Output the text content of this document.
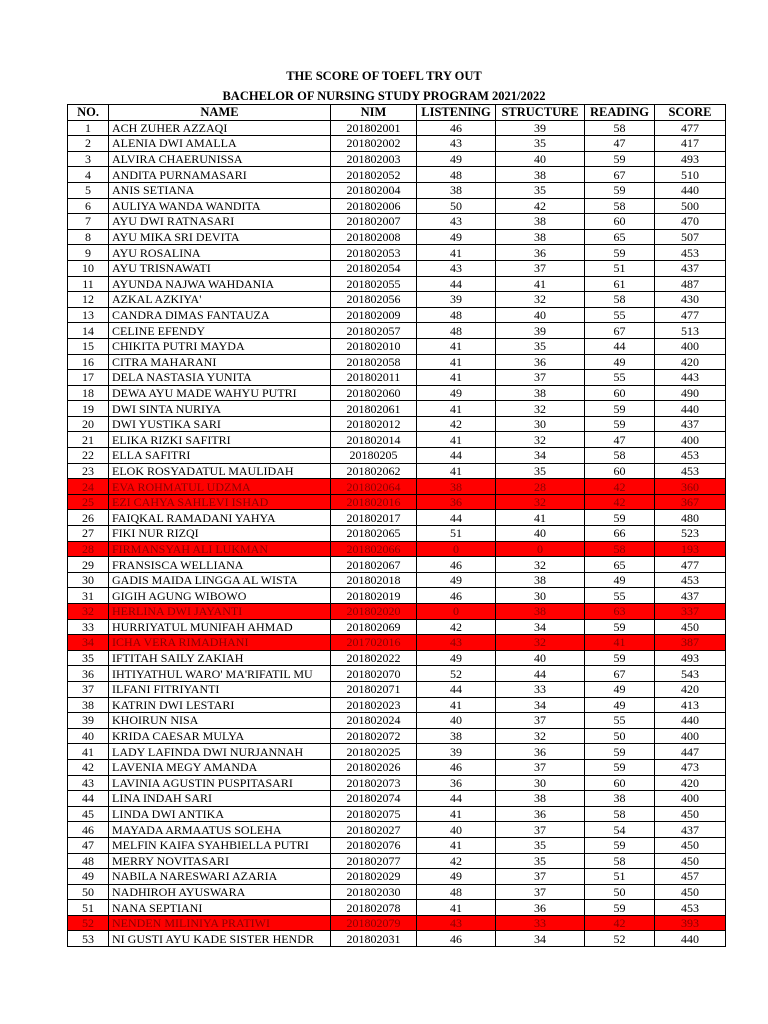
THE SCORE OF TOEFL TRY OUT

BACHELOR OF NURSING STUDY PROGRAM 2021/2022

NO.	NAME	NIM	LISTENING	STRUCTURE	READING	SCORE
1	ACH ZUHER AZZAQI	201802001	46	39	58	477
2	ALENIA DWI AMALLA	201802002	43	35	47	417
3	ALVIRA CHAERUNISSA	201802003	49	40	59	493
4	ANDITA PURNAMASARI	201802052	48	38	67	510
5	ANIS SETIANA	201802004	38	35	59	440
6	AULIYA WANDA WANDITA	201802006	50	42	58	500
7	AYU DWI RATNASARI	201802007	43	38	60	470
8	AYU MIKA SRI DEVITA	201802008	49	38	65	507
9	AYU ROSALINA	201802053	41	36	59	453
10	AYU TRISNAWATI	201802054	43	37	51	437
11	AYUNDA NAJWA WAHDANIA	201802055	44	41	61	487
12	AZKAL AZKIYA'	201802056	39	32	58	430
13	CANDRA DIMAS FANTAUZA	201802009	48	40	55	477
14	CELINE EFENDY	201802057	48	39	67	513
15	CHIKITA PUTRI MAYDA	201802010	41	35	44	400
16	CITRA MAHARANI	201802058	41	36	49	420
17	DELA NASTASIA YUNITA	201802011	41	37	55	443
18	DEWA AYU MADE WAHYU PUTRI	201802060	49	38	60	490
19	DWI SINTA NURIYA	201802061	41	32	59	440
20	DWI YUSTIKA SARI	201802012	42	30	59	437
21	ELIKA RIZKI SAFITRI	201802014	41	32	47	400
22	ELLA SAFITRI	20180205	44	34	58	453
23	ELOK ROSYADATUL MAULIDAH	201802062	41	35	60	453
24	EVA ROHMATUL UDZMA	201802064	38	28	42	360
25	EZI CAHYA SAHLEVI ISHAD	201802016	36	32	42	367
26	FAIQKAL RAMADANI YAHYA	201802017	44	41	59	480
27	FIKI NUR RIZQI	201802065	51	40	66	523
28	FIRMANSYAH ALI LUKMAN	201802066	0	0	58	193
29	FRANSISCA WELLIANA	201802067	46	32	65	477
30	GADIS MAIDA LINGGA AL WISTA	201802018	49	38	49	453
31	GIGIH AGUNG WIBOWO	201802019	46	30	55	437
32	HERLINA DWI JAYANTI	201802020	0	38	63	337
33	HURRIYATUL MUNIFAH AHMAD	201802069	42	34	59	450
34	ICHA VERA RIMADHANI	201702016	43	32	41	387
35	IFTITAH SAILY ZAKIAH	201802022	49	40	59	493
36	IHTIYATHUL WARO' MA'RIFATIL MU	201802070	52	44	67	543
37	ILFANI FITRIYANTI	201802071	44	33	49	420
38	KATRIN DWI LESTARI	201802023	41	34	49	413
39	KHOIRUN NISA	201802024	40	37	55	440
40	KRIDA CAESAR MULYA	201802072	38	32	50	400
41	LADY LAFINDA DWI NURJANNAH	201802025	39	36	59	447
42	LAVENIA MEGY AMANDA	201802026	46	37	59	473
43	LAVINIA AGUSTIN PUSPITASARI	201802073	36	30	60	420
44	LINA INDAH SARI	201802074	44	38	38	400
45	LINDA DWI ANTIKA	201802075	41	36	58	450
46	MAYADA ARMAATUS SOLEHA	201802027	40	37	54	437
47	MELFIN KAIFA SYAHBIELLA PUTRI	201802076	41	35	59	450
48	MERRY NOVITASARI	201802077	42	35	58	450
49	NABILA NARESWARI AZARIA	201802029	49	37	51	457
50	NADHIROH AYUSWARA	201802030	48	37	50	450
51	NANA SEPTIANI	201802078	41	36	59	453
52	NENDEN MILINIYA PRATIWI	201802079	43	33	42	393
53	NI GUSTI AYU KADE SISTER HENDR	201802031	46	34	52	440
